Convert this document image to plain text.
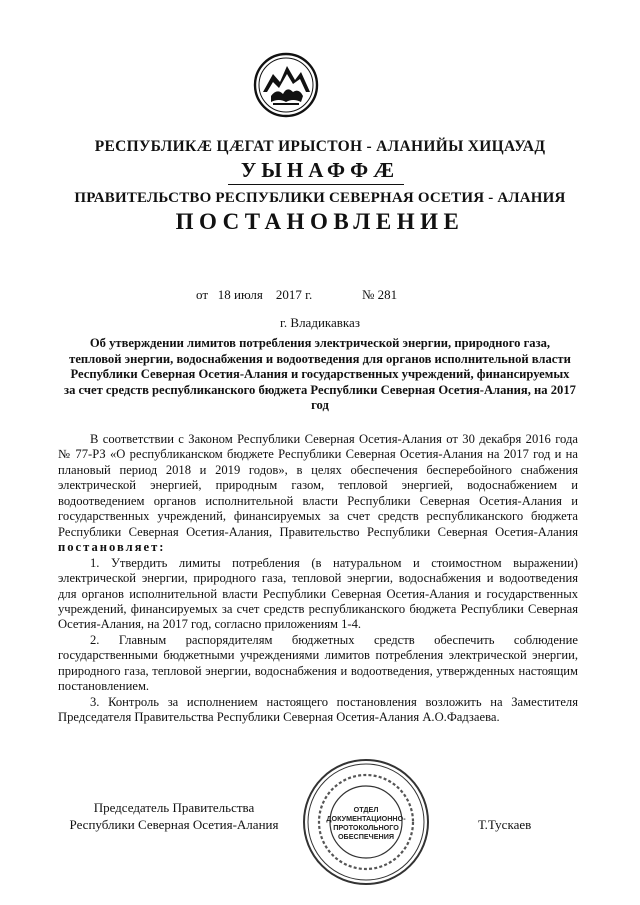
РЕСПУБЛИКÆ ЦÆГАТ ИРЫСТОН - АЛАНИЙЫ ХИЦАУАД
УЫНАФФÆ
ПРАВИТЕЛЬСТВО РЕСПУБЛИКИ СЕВЕРНАЯ ОСЕТИЯ - АЛАНИЯ
ПОСТАНОВЛЕНИЕ
от 18 июля 2017 г.	№ 281
г. Владикавказ
Об утверждении лимитов потребления электрической энергии, природного газа, тепловой энергии, водоснабжения и водоотведения для органов исполнительной власти Республики Северная Осетия-Алания и государственных учреждений, финансируемых за счет средств республиканского бюджета Республики Северная Осетия-Алания, на 2017 год

В соответствии с Законом Республики Северная Осетия-Алания от 30 декабря 2016 года № 77-РЗ «О республиканском бюджете Республики Северная Осетия-Алания на 2017 год и на плановый период 2018 и 2019 годов», в целях обеспечения бесперебойного снабжения электрической энергией, природным газом, тепловой энергией, водоснабжением и водоотведением органов исполнительной власти Республики Северная Осетия-Алания и государственных учреждений, финансируемых за счет средств республиканского бюджета Республики Северная Осетия-Алания, Правительство Республики Северная Осетия-Алания постановляет:

1. Утвердить лимиты потребления (в натуральном и стоимостном выражении) электрической энергии, природного газа, тепловой энергии, водоснабжения и водоотведения для органов исполнительной власти Республики Северная Осетия-Алания и государственных учреждений, финансируемых за счет средств республиканского бюджета Республики Северная Осетия-Алания, на 2017 год, согласно приложениям 1-4.

2. Главным распорядителям бюджетных средств обеспечить соблюдение государственными бюджетными учреждениями лимитов потребления электрической энергии, природного газа, тепловой энергии, водоснабжения и водоотведения, утвержденных настоящим постановлением.

3. Контроль за исполнением настоящего постановления возложить на Заместителя Председателя Правительства Республики Северная Осетия-Алания А.О.Фадзаева.

ОТДЕЛ
ДОКУМЕНТАЦИОННО-
ПРОТОКОЛЬНОГО
ОБЕСПЕЧЕНИЯ
Председатель Правительства
Республики Северная Осетия-Алания	Т.Тускаев
